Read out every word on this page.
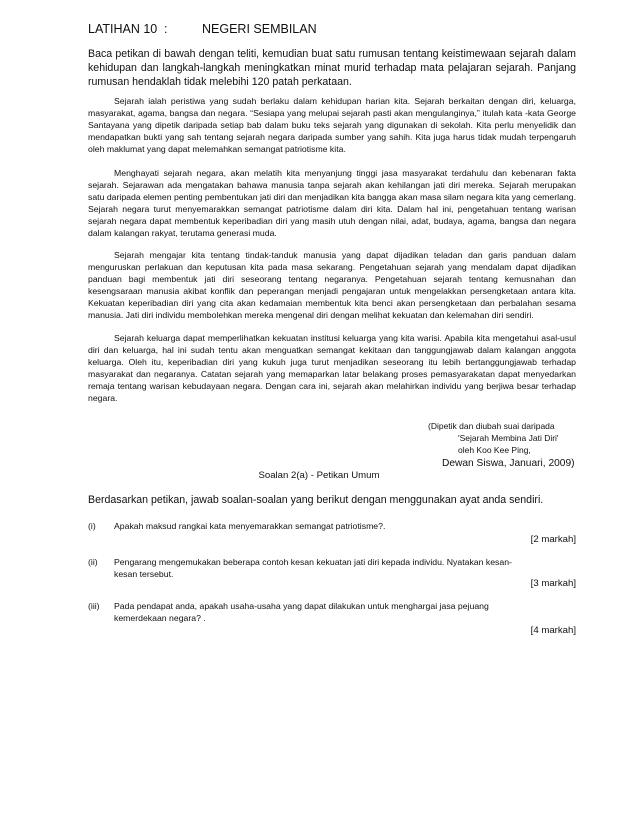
LATIHAN 10 :	NEGERI SEMBILAN
Baca petikan di bawah dengan teliti, kemudian buat satu rumusan tentang keistimewaan sejarah dalam kehidupan dan langkah-langkah meningkatkan minat murid terhadap mata pelajaran sejarah. Panjang rumusan hendaklah tidak melebihi 120 patah perkataan.

Sejarah ialah peristiwa yang sudah berlaku dalam kehidupan harian kita. Sejarah berkaitan dengan diri, keluarga, masyarakat, agama, bangsa dan negara. “Sesiapa yang melupai sejarah pasti akan mengulanginya,” itulah kata -kata George Santayana yang dipetik daripada setiap bab dalam buku teks sejarah yang digunakan di sekolah. Kita perlu menyelidik dan mendapatkan bukti yang sah tentang sejarah negara daripada sumber yang sahih. Kita juga harus tidak mudah terpengaruh oleh maklumat yang dapat melemahkan semangat patriotisme kita.

Menghayati sejarah negara, akan melatih kita menyanjung tinggi jasa masyarakat terdahulu dan kebenaran fakta sejarah. Sejarawan ada mengatakan bahawa manusia tanpa sejarah akan kehilangan jati diri mereka. Sejarah merupakan satu daripada elemen penting pembentukan jati diri dan menjadikan kita bangga akan masa silam negara kita yang cemerlang. Sejarah negara turut menyemarakkan semangat patriotisme dalam diri kita. Dalam hal ini, pengetahuan tentang warisan sejarah negara dapat membentuk keperibadian diri yang masih utuh dengan nilai, adat, budaya, agama, bangsa dan negara dalam kalangan rakyat, terutama generasi muda.

Sejarah mengajar kita tentang tindak-tanduk manusia yang dapat dijadikan teladan dan garis panduan dalam menguruskan perlakuan dan keputusan kita pada masa sekarang. Pengetahuan sejarah yang mendalam dapat dijadikan panduan bagi membentuk jati diri seseorang tentang negaranya. Pengetahuan sejarah tentang kemusnahan dan kesengsaraan manusia akibat konflik dan peperangan menjadi pengajaran untuk mengelakkan persengketaan antara kita. Kekuatan keperibadian diri yang cita akan kedamaian membentuk kita benci akan persengketaan dan perbalahan sesama manusia. Jati diri individu membolehkan mereka mengenal diri dengan melihat kekuatan dan kelemahan diri sendiri.

Sejarah keluarga dapat memperlihatkan kekuatan institusi keluarga yang kita warisi. Apabila kita mengetahui asal-usul diri dan keluarga, hal ini sudah tentu akan menguatkan semangat kekitaan dan tanggungjawab dalam kalangan anggota keluarga. Oleh itu, keperibadian diri yang kukuh juga turut menjadikan seseorang itu lebih bertanggungjawab terhadap masyarakat dan negaranya. Catatan sejarah yang memaparkan latar belakang proses pemasyarakatan dapat menyedarkan remaja tentang warisan kebudayaan negara. Dengan cara ini, sejarah akan melahirkan individu yang berjiwa besar terhadap negara.

(Dipetik dan diubah suai daripada
'Sejarah Membina Jati Diri'
oleh Koo Kee Ping,
Dewan Siswa, Januari, 2009)
Soalan 2(a) - Petikan Umum
Berdasarkan petikan, jawab soalan-soalan yang berikut dengan menggunakan ayat anda sendiri.
(i) Apakah maksud rangkai kata menyemarakkan semangat patriotisme?.
[2 markah]
(ii) Pengarang mengemukakan beberapa contoh kesan kekuatan jati diri kepada individu. Nyatakan kesan-kesan tersebut.
[3 markah]
(iii) Pada pendapat anda, apakah usaha-usaha yang dapat dilakukan untuk menghargai jasa pejuang kemerdekaan negara? .
[4 markah]
